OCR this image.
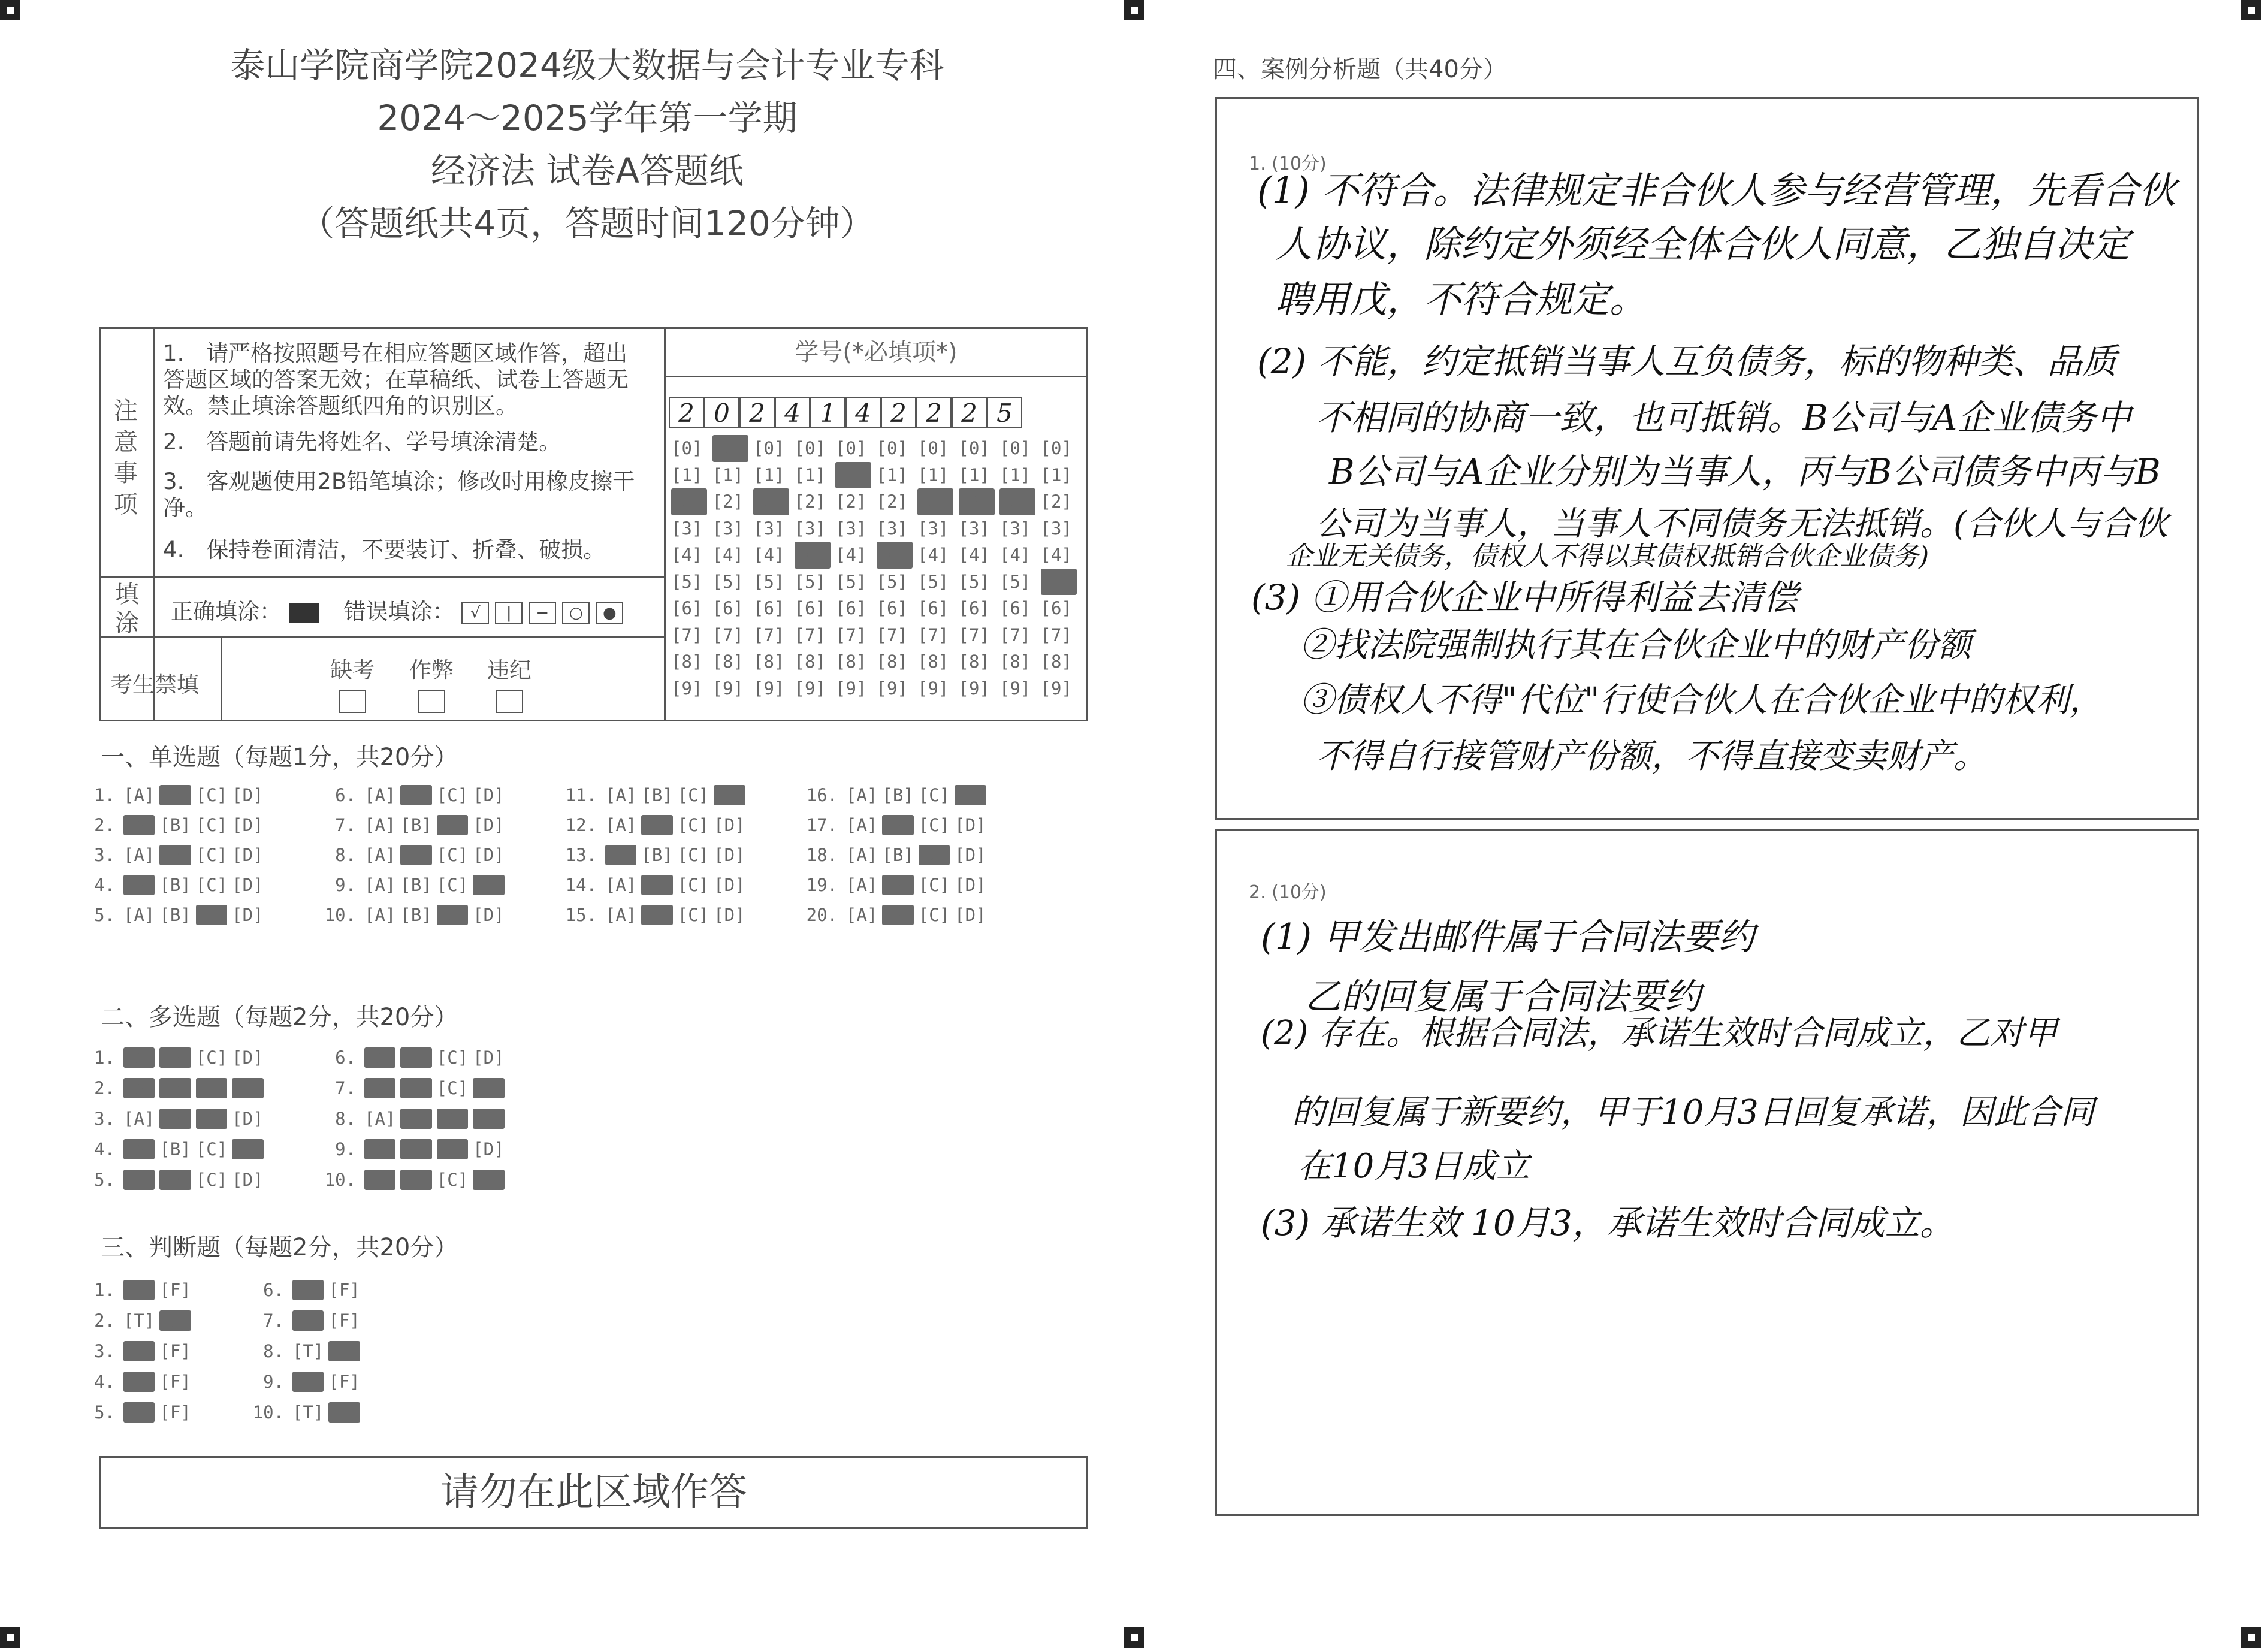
泰山学院商学院2024级大数据与会计专业专科
2024～2025学年第一学期
经济法 试卷A答题纸
（答题纸共4页，答题时间120分钟）
注意事项
1.　请严格按照题号在相应答题区域作答，超出答题区域的答案无效；在草稿纸、试卷上答题无效。禁止填涂答题纸四角的识别区。
2.　答题前请先将姓名、学号填涂清楚。
3.　客观题使用2B铅笔填涂；修改时用橡皮擦干净。
4.　保持卷面清洁，不要装订、折叠、破损。
填涂 正确填涂：	错误填涂： √ | − ○ ●
考生禁填
缺考 作弊 违纪
学号(*必填项*)
2 0 2 4 1 4 2 2 2 5
[0]
[1]
[2]
[3]
[4]
[5]
[6]
[7]
[8]
[9]
[0]
[1]
[2]
[3]
[4]
[5]
[6]
[7]
[8]
[9]
[0]
[1]
[2]
[3]
[4]
[5]
[6]
[7]
[8]
[9]
[0]
[1]
[2]
[3]
[4]
[5]
[6]
[7]
[8]
[9]
[0]
[1]
[2]
[3]
[4]
[5]
[6]
[7]
[8]
[9]
[0]
[1]
[2]
[3]
[4]
[5]
[6]
[7]
[8]
[9]
[0]
[1]
[2]
[3]
[4]
[5]
[6]
[7]
[8]
[9]
[0]
[1]
[2]
[3]
[4]
[5]
[6]
[7]
[8]
[9]
[0]
[1]
[2]
[3]
[4]
[5]
[6]
[7]
[8]
[9]
[0]
[1]
[2]
[3]
[4]
[5]
[6]
[7]
[8]
[9]
一、单选题（每题1分，共20分）
1. [A] [B] [C] [D]
2. [A] [B] [C] [D]
3. [A] [B] [C] [D]
4. [A] [B] [C] [D]
5. [A] [B] [C] [D]
6. [A] [B] [C] [D]
7. [A] [B] [C] [D]
8. [A] [B] [C] [D]
9. [A] [B] [C] [D]
10. [A] [B] [C] [D]
11. [A] [B] [C] [D]
12. [A] [B] [C] [D]
13. [A] [B] [C] [D]
14. [A] [B] [C] [D]
15. [A] [B] [C] [D]
16. [A] [B] [C] [D]
17. [A] [B] [C] [D]
18. [A] [B] [C] [D]
19. [A] [B] [C] [D]
20. [A] [B] [C] [D]
二、多选题（每题2分，共20分）
1. [A] [B] [C] [D]
2. [A] [B] [C] [D]
3. [A] [B] [C] [D]
4. [A] [B] [C] [D]
5. [A] [B] [C] [D]
6. [A] [B] [C] [D]
7. [A] [B] [C] [D]
8. [A] [B] [C] [D]
9. [A] [B] [C] [D]
10. [A] [B] [C] [D]
三、判断题（每题2分，共20分）
1. [T] [F]
2. [T] [F]
3. [T] [F]
4. [T] [F]
5. [T] [F]
6. [T] [F]
7. [T] [F]
8. [T] [F]
9. [T] [F]
10. [T] [F]
请勿在此区域作答
四、案例分析题（共40分）
1. (10分)
(1) 不符合。法律规定非合伙人参与经营管理，先看合伙
人协议，除约定外须经全体合伙人同意，乙独自决定
聘用戊，不符合规定。
(2) 不能，约定抵销当事人互负债务，标的物种类、品质
不相同的协商一致，也可抵销。B公司与A企业债务中
B公司与A企业分别为当事人，丙与B公司债务中丙与B
公司为当事人，当事人不同债务无法抵销。(合伙人与合伙
企业无关债务，债权人不得以其债权抵销合伙企业债务)
(3) ①用合伙企业中所得利益去清偿
②找法院强制执行其在合伙企业中的财产份额
③债权人不得"代位"行使合伙人在合伙企业中的权利，
不得自行接管财产份额，不得直接变卖财产。
2. (10分)
(1) 甲发出邮件属于合同法要约
乙的回复属于合同法要约
(2) 存在。根据合同法，承诺生效时合同成立，乙对甲
的回复属于新要约，甲于10月3日回复承诺，因此合同
在10月3日成立
(3) 承诺生效 10月3，承诺生效时合同成立。
